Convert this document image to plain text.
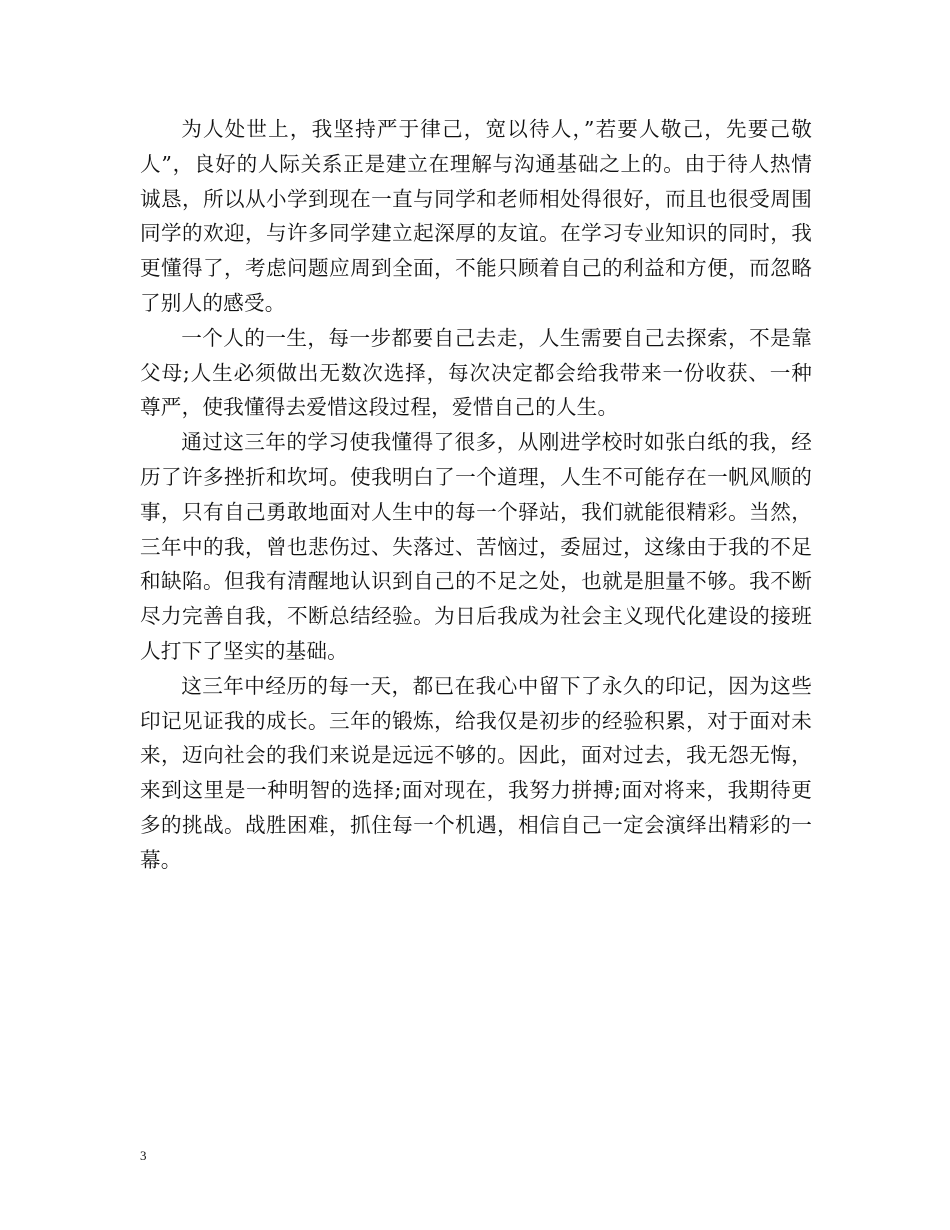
为人处世上，我坚持严于律己，宽以待人，”若要人敬己，先要己敬人”，良好的人际关系正是建立在理解与沟通基础之上的。由于待人热情诚恳，所以从小学到现在一直与同学和老师相处得很好，而且也很受周围同学的欢迎，与许多同学建立起深厚的友谊。在学习专业知识的同时，我更懂得了，考虑问题应周到全面，不能只顾着自己的利益和方便，而忽略了别人的感受。

一个人的一生，每一步都要自己去走，人生需要自己去探索，不是靠父母;人生必须做出无数次选择，每次决定都会给我带来一份收获、一种尊严，使我懂得去爱惜这段过程，爱惜自己的人生。

通过这三年的学习使我懂得了很多，从刚进学校时如张白纸的我，经历了许多挫折和坎坷。使我明白了一个道理，人生不可能存在一帆风顺的事，只有自己勇敢地面对人生中的每一个驿站，我们就能很精彩。当然，三年中的我，曾也悲伤过、失落过、苦恼过，委屈过，这缘由于我的不足和缺陷。但我有清醒地认识到自己的不足之处，也就是胆量不够。我不断尽力完善自我，不断总结经验。为日后我成为社会主义现代化建设的接班人打下了坚实的基础。

这三年中经历的每一天，都已在我心中留下了永久的印记，因为这些印记见证我的成长。三年的锻炼，给我仅是初步的经验积累，对于面对未来，迈向社会的我们来说是远远不够的。因此，面对过去，我无怨无悔，来到这里是一种明智的选择;面对现在，我努力拼搏;面对将来，我期待更多的挑战。战胜困难，抓住每一个机遇，相信自己一定会演绎出精彩的一幕。

3
